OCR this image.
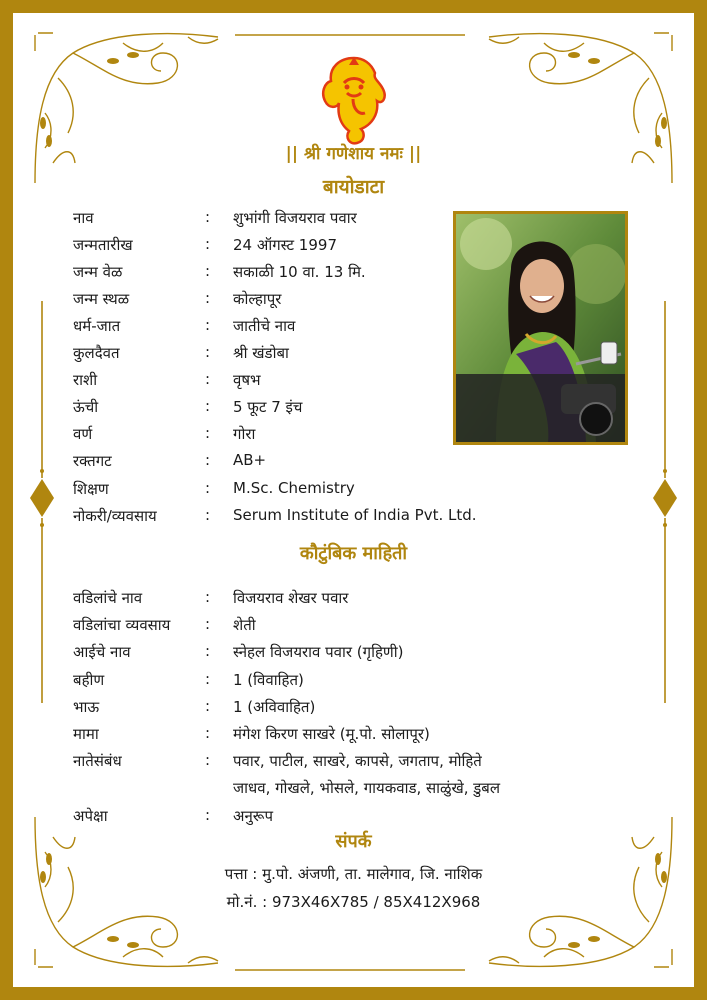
|| श्री गणेशाय नमः ||
बायोडाटा
नाव	: शुभांगी विजयराव पवार
जन्मतारीख	: 24 ऑगस्ट 1997
जन्म वेळ	: सकाळी 10 वा. 13 मि.
जन्म स्थळ	: कोल्हापूर
धर्म-जात	: जातीचे नाव
कुलदैवत	: श्री खंडोबा
राशी	: वृषभ
ऊंची	: 5 फूट 7 इंच
वर्ण	: गोरा
रक्तगट	: AB+
शिक्षण	: M.Sc. Chemistry
नोकरी/व्यवसाय	: Serum Institute of India Pvt. Ltd.
कौटुंबिक माहिती
वडिलांचे नाव	: विजयराव शेखर पवार
वडिलांचा व्यवसाय : शेती
आईचे नाव	: स्नेहल विजयराव पवार (गृहिणी)
बहीण	: 1 (विवाहित)
भाऊ	: 1 (अविवाहित)
मामा	: मंगेश किरण साखरे (मू.पो. सोलापूर)
नातेसंबंध	: पवार, पाटील, साखरे, कापसे, जगताप, मोहिते
जाधव, गोखले, भोसले, गायकवाड, साळुंखे, डुबल
अपेक्षा	: अनुरूप
संपर्क
पत्ता : मु.पो. अंजणी, ता. मालेगाव, जि. नाशिक
मो.नं. : 973X46X785 / 85X412X968
